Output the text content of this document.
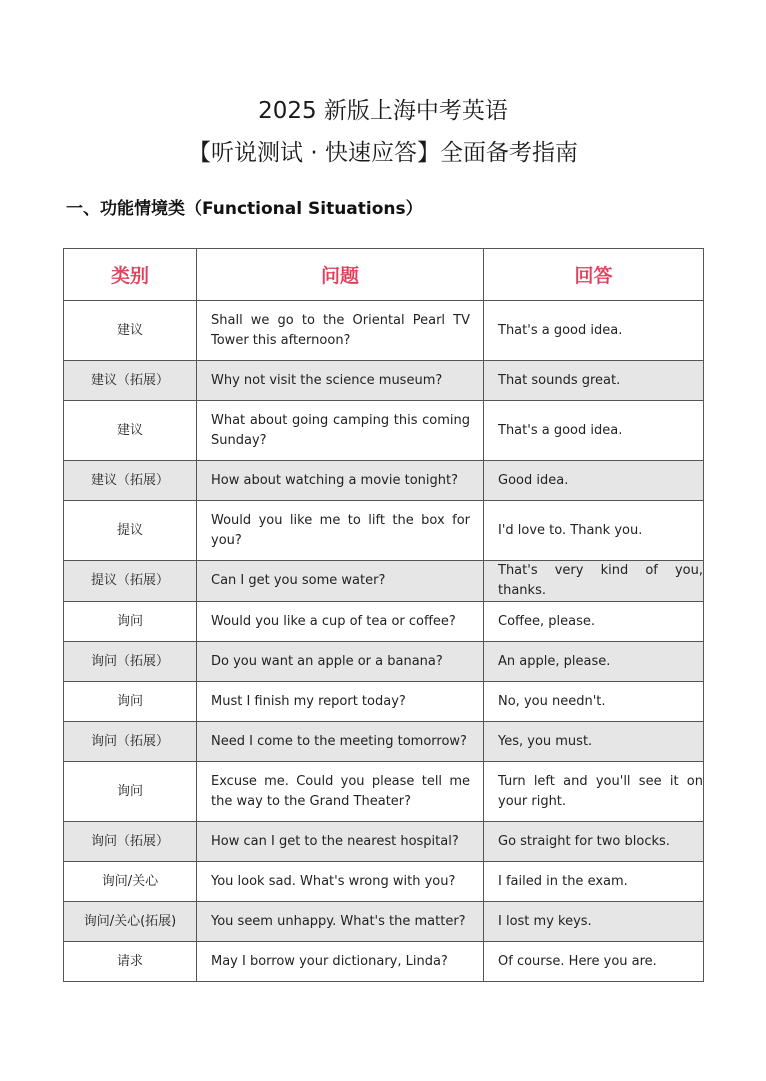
2025 新版上海中考英语
【听说测试 · 快速应答】全面备考指南
一、功能情境类（Functional Situations）
类别	问题	回答
建议	Shall we go to the Oriental Pearl TV Tower this afternoon?	That's a good idea.
建议（拓展）	Why not visit the science museum?	That sounds great.
建议	What about going camping this coming Sunday?	That's a good idea.
建议（拓展）	How about watching a movie tonight?	Good idea.
提议	Would you like me to lift the box for you?	I'd love to. Thank you.
提议（拓展）	Can I get you some water?	That's very kind of you, thanks.
询问	Would you like a cup of tea or coffee?	Coffee, please.
询问（拓展）	Do you want an apple or a banana?	An apple, please.
询问	Must I finish my report today?	No, you needn't.
询问（拓展）	Need I come to the meeting tomorrow?	Yes, you must.
询问	Excuse me. Could you please tell me the way to the Grand Theater?	Turn left and you'll see it on your right.
询问（拓展）	How can I get to the nearest hospital?	Go straight for two blocks.
询问/关心	You look sad. What's wrong with you?	I failed in the exam.
询问/关心(拓展)	You seem unhappy. What's the matter?	I lost my keys.
请求	May I borrow your dictionary, Linda?	Of course. Here you are.
